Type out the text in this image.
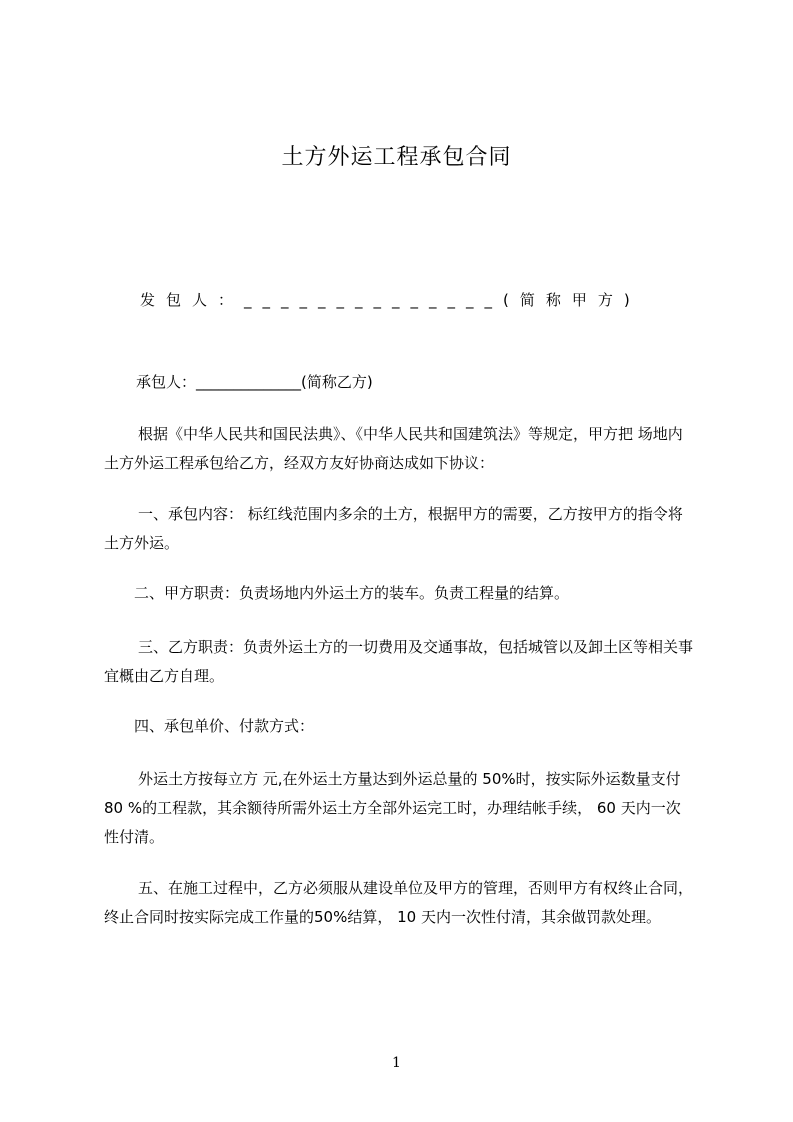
土方外运工程承包合同
发包人：______________(简称甲方)
承包人：______________(简称乙方)
根据《中华人民共和国民法典》、《中华人民共和国建筑法》等规定，甲方把 场地内土方外运工程承包给乙方，经双方友好协商达成如下协议：
一、承包内容： 标红线范围内多余的土方，根据甲方的需要，乙方按甲方的指令将土方外运。
二、甲方职责：负责场地内外运土方的装车。负责工程量的结算。
三、乙方职责：负责外运土方的一切费用及交通事故，包括城管以及卸土区等相关事宜概由乙方自理。
四、承包单价、付款方式：
外运土方按每立方 元,在外运土方量达到外运总量的 50%时，按实际外运数量支付 80 %的工程款，其余额待所需外运土方全部外运完工时，办理结帐手续， 60 天内一次性付清。
五、在施工过程中，乙方必须服从建设单位及甲方的管理，否则甲方有权终止合同，终止合同时按实际完成工作量的50%结算， 10 天内一次性付清，其余做罚款处理。
1
